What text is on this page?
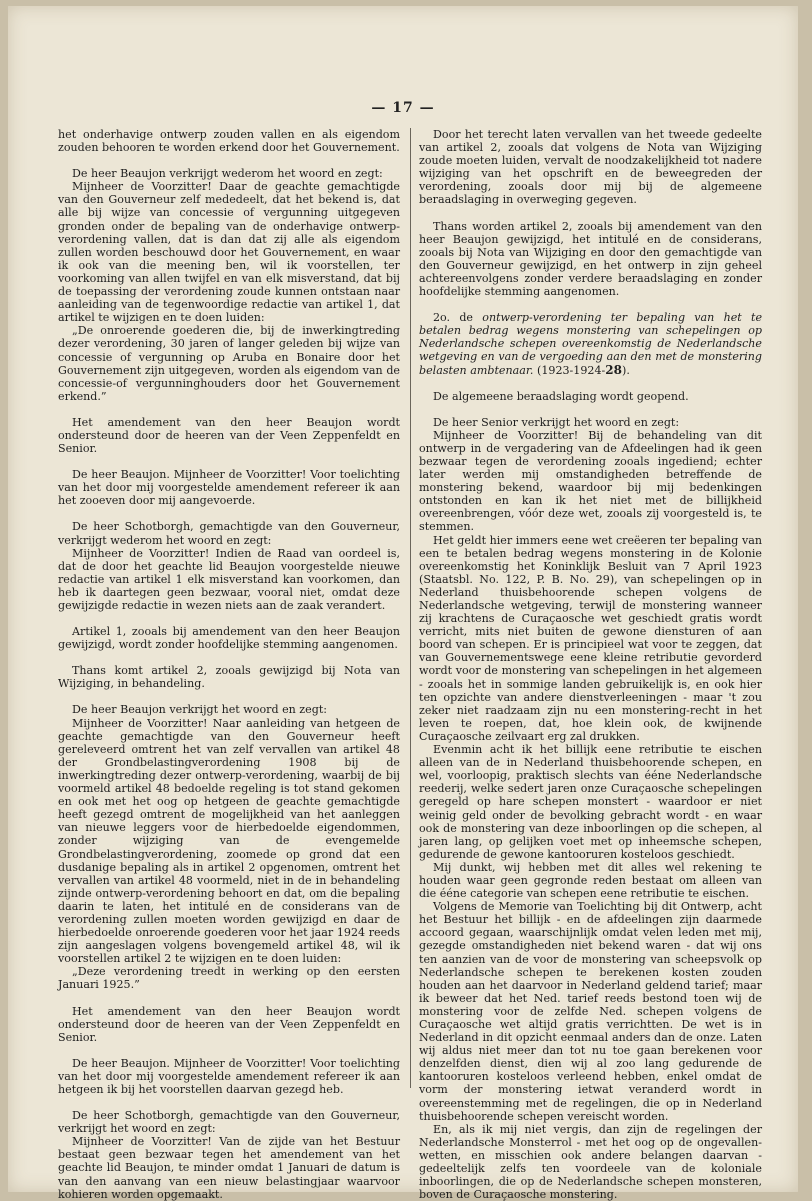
— 17 —

het onderhavige ontwerp zouden vallen en als eigendom zouden behooren te worden erkend door het Gouvernement.

De heer Beaujon verkrijgt wederom het woord en zegt:

Mijnheer de Voorzitter! Daar de geachte gemachtigde van den Gouverneur zelf mededeelt, dat het bekend is, dat alle bij wijze van concessie of vergunning uitgegeven gronden onder de bepaling van de onderhavige ontwerp-verordening vallen, dat is dan dat zij alle als eigendom zullen worden beschouwd door het Gouvernement, en waar ik ook van die meening ben, wil ik voorstellen, ter voorkoming van allen twijfel en van elk misverstand, dat bij de toepassing der verordening zoude kunnen ontstaan naar aanleiding van de tegenwoordige redactie van artikel 1, dat artikel te wijzigen en te doen luiden:

„De onroerende goederen die, bij de inwerkingtreding dezer verordening, 30 jaren of langer geleden bij wijze van concessie of vergunning op Aruba en Bonaire door het Gouvernement zijn uitgegeven, worden als eigendom van de concessie-of vergunninghouders door het Gouvernement erkend.”

Het amendement van den heer Beaujon wordt ondersteund door de heeren van der Veen Zeppenfeldt en Senior.

De heer Beaujon. Mijnheer de Voorzitter! Voor toelichting van het door mij voorgestelde amendement refereer ik aan het zooeven door mij aangevoerde.

De heer Schotborgh, gemachtigde van den Gouverneur, verkrijgt wederom het woord en zegt:

Mijnheer de Voorzitter! Indien de Raad van oordeel is, dat de door het geachte lid Beaujon voorgestelde nieuwe redactie van artikel 1 elk misverstand kan voorkomen, dan heb ik daartegen geen bezwaar, vooral niet, omdat deze gewijzigde redactie in wezen niets aan de zaak verandert.

Artikel 1, zooals bij amendement van den heer Beaujon gewijzigd, wordt zonder hoofdelijke stemming aangenomen.

Thans komt artikel 2, zooals gewijzigd bij Nota van Wijziging, in behandeling.

De heer Beaujon verkrijgt het woord en zegt:

Mijnheer de Voorzitter! Naar aanleiding van hetgeen de geachte gemachtigde van den Gouverneur heeft gereleveerd omtrent het van zelf vervallen van artikel 48 der Grondbelastingverordening 1908 bij de inwerkingtreding dezer ontwerp-verordening, waarbij de bij voormeld artikel 48 bedoelde regeling is tot stand gekomen en ook met het oog op hetgeen de geachte gemachtigde heeft gezegd omtrent de mogelijkheid van het aanleggen van nieuwe leggers voor de hierbedoelde eigendommen, zonder wijziging van de evengemelde Grondbelastingverordening, zoomede op grond dat een dusdanige bepaling als in artikel 2 opgenomen, omtrent het vervallen van artikel 48 voormeld, niet in de in behandeling zijnde ontwerp-verordening behoort en dat, om die bepaling daarin te laten, het intitulé en de considerans van de verordening zullen moeten worden gewijzigd en daar de hierbedoelde onroerende goederen voor het jaar 1924 reeds zijn aangeslagen volgens bovengemeld artikel 48, wil ik voorstellen artikel 2 te wijzigen en te doen luiden:

„Deze verordening treedt in werking op den eersten Januari 1925.”

Het amendement van den heer Beaujon wordt ondersteund door de heeren van der Veen Zeppenfeldt en Senior.

De heer Beaujon. Mijnheer de Voorzitter! Voor toelichting van het door mij voorgestelde amendement refereer ik aan hetgeen ik bij het voorstellen daarvan gezegd heb.

De heer Schotborgh, gemachtigde van den Gouverneur, verkrijgt het woord en zegt:

Mijnheer de Voorzitter! Van de zijde van het Bestuur bestaat geen bezwaar tegen het amendement van het geachte lid Beaujon, te minder omdat 1 Januari de datum is van den aanvang van een nieuw belastingjaar waarvoor kohieren worden opgemaakt.

Door het terecht laten vervallen van het tweede gedeelte van artikel 2, zooals dat volgens de Nota van Wijziging zoude moeten luiden, vervalt de noodzakelijkheid tot nadere wijziging van het opschrift en de beweegreden der verordening, zooals door mij bij de algemeene beraadslaging in overweging gegeven.

Thans worden artikel 2, zooals bij amendement van den heer Beaujon gewijzigd, het intitulé en de considerans, zooals bij Nota van Wijziging en door den gemachtigde van den Gouverneur gewijzigd, en het ontwerp in zijn geheel achtereenvolgens zonder verdere beraadslaging en zonder hoofdelijke stemming aangenomen.

2o. de ontwerp-verordening ter bepaling van het te betalen bedrag wegens monstering van schepelingen op Nederlandsche schepen overeenkomstig de Nederlandsche wetgeving en van de vergoeding aan den met de monstering belasten ambtenaar. (1923-1924-28).

De algemeene beraadslaging wordt geopend.

De heer Senior verkrijgt het woord en zegt:

Mijnheer de Voorzitter! Bij de behandeling van dit ontwerp in de vergadering van de Afdeelingen had ik geen bezwaar tegen de verordening zooals ingediend; echter later werden mij omstandigheden betreffende de monstering bekend, waardoor bij mij bedenkingen ontstonden en kan ik het niet met de billijkheid overeenbrengen, vóór deze wet, zooals zij voorgesteld is, te stemmen.

Het geldt hier immers eene wet creëeren ter bepaling van een te betalen bedrag wegens monstering in de Kolonie overeenkomstig het Koninklijk Besluit van 7 April 1923 (Staatsbl. No. 122, P. B. No. 29), van schepelingen op in Nederland thuisbehoorende schepen volgens de Nederlandsche wetgeving, terwijl de monstering wanneer zij krachtens de Curaçaosche wet geschiedt gratis wordt verricht, mits niet buiten de gewone diensturen of aan boord van schepen. Er is principieel wat voor te zeggen, dat van Gouvernementswege eene kleine retributie gevorderd wordt voor de monstering van schepelingen in het algemeen - zooals het in sommige landen gebruikelijk is, en ook hier ten opzichte van andere dienstverleeningen - maar 't zou zeker niet raadzaam zijn nu een monstering-recht in het leven te roepen, dat, hoe klein ook, de kwijnende Curaçaosche zeilvaart erg zal drukken.

Evenmin acht ik het billijk eene retributie te eischen alleen van de in Nederland thuisbehoorende schepen, en wel, voorloopig, praktisch slechts van ééne Nederlandsche reederij, welke sedert jaren onze Curaçaosche schepelingen geregeld op hare schepen monstert - waardoor er niet weinig geld onder de bevolking gebracht wordt - en waar ook de monstering van deze inboorlingen op die schepen, al jaren lang, op gelijken voet met op inheemsche schepen, gedurende de gewone kantooruren kosteloos geschiedt.

Mij dunkt, wij hebben met dit alles wel rekening te houden waar geen gegronde reden bestaat om alleen van die ééne categorie van schepen eene retributie te eischen.

Volgens de Memorie van Toelichting bij dit Ontwerp, acht het Bestuur het billijk - en de afdeelingen zijn daarmede accoord gegaan, waarschijnlijk omdat velen leden met mij, gezegde omstandigheden niet bekend waren - dat wij ons ten aanzien van de voor de monstering van scheepsvolk op Nederlandsche schepen te berekenen kosten zouden houden aan het daarvoor in Nederland geldend tarief; maar ik beweer dat het Ned. tarief reeds bestond toen wij de monstering voor de zelfde Ned. schepen volgens de Curaçaosche wet altijd gratis verrichtten. De wet is in Nederland in dit opzicht eenmaal anders dan de onze. Laten wij aldus niet meer dan tot nu toe gaan berekenen voor denzelfden dienst, dien wij al zoo lang gedurende de kantooruren kosteloos verleend hebben, enkel omdat de vorm der monstering ietwat veranderd wordt in overeenstemming met de regelingen, die op in Nederland thuisbehoorende schepen vereischt worden.

En, als ik mij niet vergis, dan zijn de regelingen der Nederlandsche Monsterrol - met het oog op de ongevallen-wetten, en misschien ook andere belangen daarvan - gedeeltelijk zelfs ten voordeele van de koloniale inboorlingen, die op de Nederlandsche schepen monsteren, boven de Curaçaosche monstering.
